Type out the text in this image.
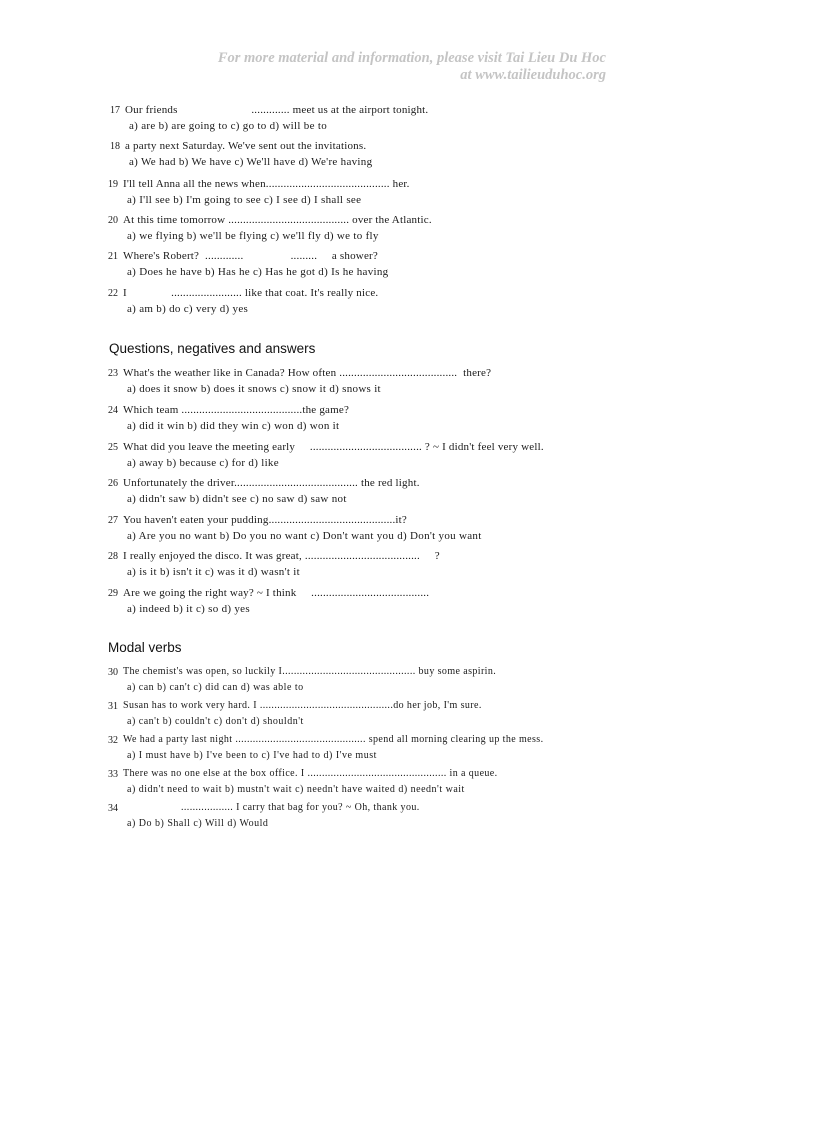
For more material and information, please visit Tai Lieu Du Hoc
at www.tailieuduhoc.org
17 Our friends                         ............. meet us at the airport tonight.
a) are b) are going to c) go to d) will be to
18 a party next Saturday. We've sent out the invitations.
a) We had b) We have c) We'll have d) We're having
19 I'll tell Anna all the news when.......................................... her.
a) I'll see b) I'm going to see c) I see d) I shall see
20 At this time tomorrow ......................................... over the Atlantic.
a) we flying b) we'll be flying c) we'll fly d) we to fly
21 Where's Robert?  .............                .........     a shower?
a) Does he have b) Has he c) Has he got d) Is he having
22 I               ........................ like that coat. It's really nice.
a) am b) do c) very d) yes
Questions, negatives and answers
23 What's the weather like in Canada? How often ........................................  there?
a) does it snow b) does it snows c) snow it d) snows it
24 Which team .........................................the game?
a) did it win b) did they win c) won d) won it
25 What did you leave the meeting early     ...................................... ? ~ I didn't feel very well.
a) away b) because c) for d) like
26 Unfortunately the driver.......................................... the red light.
a) didn't saw b) didn't see c) no saw d) saw not
27 You haven't eaten your pudding...........................................it?
a) Are you no want b) Do you no want c) Don't want you d) Don't you want
28 I really enjoyed the disco. It was great, .......................................     ?
a) is it b) isn't it c) was it d) wasn't it
29 Are we going the right way? ~ I think     ........................................
a) indeed b) it c) so d) yes
Modal verbs
30 The chemist's was open, so luckily I.............................................. buy some aspirin.
a) can b) can't c) did can d) was able to
31 Susan has to work very hard. I ..............................................do her job, I'm sure.
a) can't b) couldn't c) don't d) shouldn't
32 We had a party last night ............................................. spend all morning clearing up the mess.
a) I must have b) I've been to c) I've had to d) I've must
33 There was no one else at the box office. I ................................................ in a queue.
a) didn't need to wait b) mustn't wait c) needn't have waited d) needn't wait
34 .................. I carry that bag for you? ~ Oh, thank you.
a) Do b) Shall c) Will d) Would
